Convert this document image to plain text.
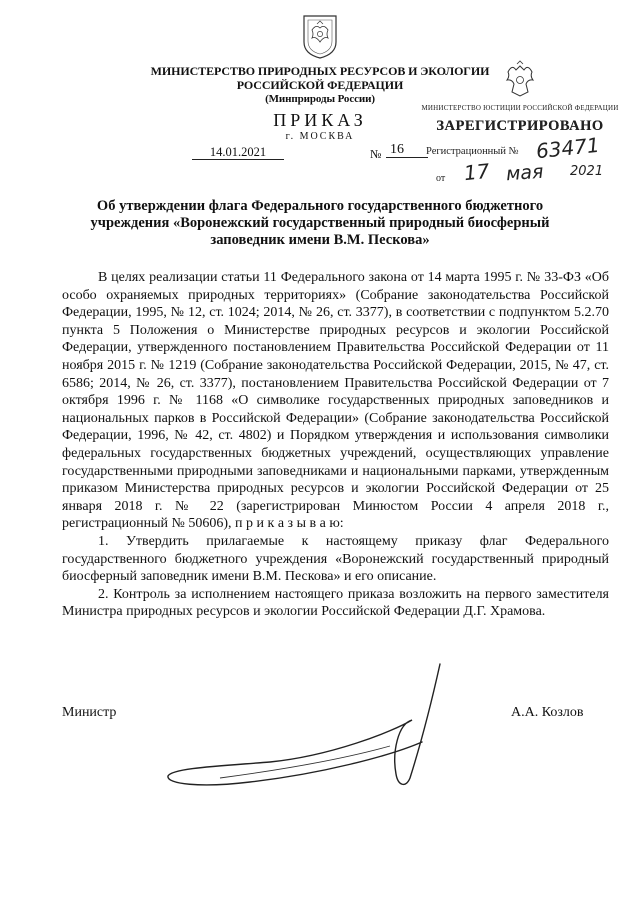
МИНИСТЕРСТВО ПРИРОДНЫХ РЕСУРСОВ И ЭКОЛОГИИ
РОССИЙСКОЙ ФЕДЕРАЦИИ
(Минприроды России)
ПРИКАЗ
г. МОСКВА
14.01.2021	№ 16
МИНИСТЕРСТВО ЮСТИЦИИ РОССИЙСКОЙ ФЕДЕРАЦИИ
ЗАРЕГИСТРИРОВАНО
Регистрационный № 63471
от 17 мая 2021
Об утверждении флага Федерального государственного бюджетного учреждения «Воронежский государственный природный биосферный заповедник имени В.М. Пескова»

В целях реализации статьи 11 Федерального закона от 14 марта 1995 г. № 33-ФЗ «Об особо охраняемых природных территориях» (Собрание законодательства Российской Федерации, 1995, № 12, ст. 1024; 2014, № 26, ст. 3377), в соответствии с подпунктом 5.2.70 пункта 5 Положения о Министерстве природных ресурсов и экологии Российской Федерации, утвержденного постановлением Правительства Российской Федерации от 11 ноября 2015 г. № 1219 (Собрание законодательства Российской Федерации, 2015, № 47, ст. 6586; 2014, № 26, ст. 3377), постановлением Правительства Российской Федерации от 7 октября 1996 г. № 1168 «О символике государственных природных заповедников и национальных парков в Российской Федерации» (Собрание законодательства Российской Федерации, 1996, № 42, ст. 4802) и Порядком утверждения и использования символики федеральных государственных бюджетных учреждений, осуществляющих управление государственными природными заповедниками и национальными парками, утвержденным приказом Министерства природных ресурсов и экологии Российской Федерации от 25 января 2018 г. № 22 (зарегистрирован Минюстом России 4 апреля 2018 г., регистрационный № 50606), п р и к а з ы в а ю:

1. Утвердить прилагаемые к настоящему приказу флаг Федерального государственного бюджетного учреждения «Воронежский государственный природный биосферный заповедник имени В.М. Пескова» и его описание.

2. Контроль за исполнением настоящего приказа возложить на первого заместителя Министра природных ресурсов и экологии Российской Федерации Д.Г. Храмова.

Министр	А.А. Козлов
